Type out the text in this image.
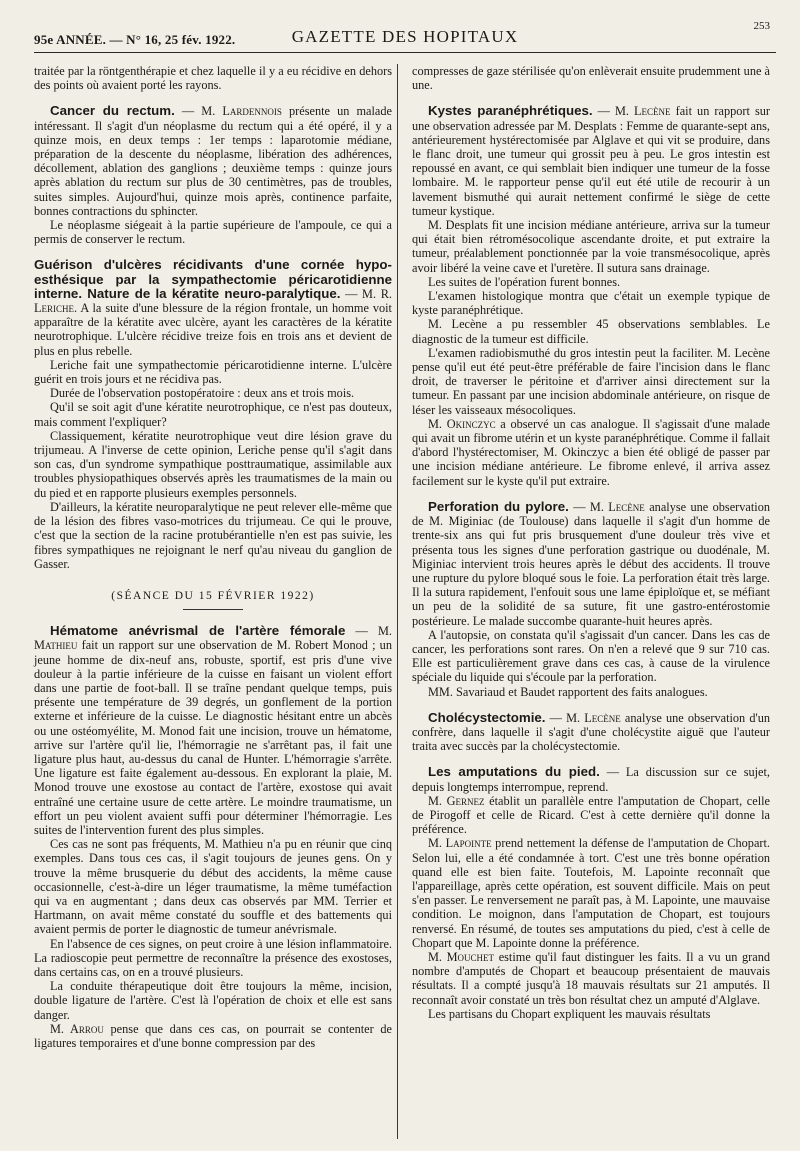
95e ANNÉE. — N° 16, 25 fév. 1922.	GAZETTE DES HOPITAUX
253

traitée par la röntgenthérapie et chez laquelle il y a eu récidive en dehors des points où avaient porté les rayons.

Cancer du rectum. — M. Lardennois présente un malade intéressant. Il s'agit d'un néoplasme du rectum qui a été opéré, il y a quinze mois, en deux temps : 1er temps : laparotomie médiane, préparation de la descente du néoplasme, libération des adhérences, décollement, ablation des ganglions ; deuxième temps : quinze jours après ablation du rectum sur plus de 30 centimètres, pas de troubles, suites simples. Aujourd'hui, quinze mois après, continence parfaite, bonnes contractions du sphincter.

Le néoplasme siégeait à la partie supérieure de l'ampoule, ce qui a permis de conserver le rectum.

Guérison d'ulcères récidivants d'une cornée hypo-esthésique par la sympathectomie péricarotidienne interne. Nature de la kératite neuro-paralytique. — M. R. Leriche. A la suite d'une blessure de la région frontale, un homme voit apparaître de la kératite avec ulcère, ayant les caractères de la kératite neurotrophique. L'ulcère récidive treize fois en trois ans et devient de plus en plus rebelle.

Leriche fait une sympathectomie péricarotidienne interne. L'ulcère guérit en trois jours et ne récidiva pas.

Durée de l'observation postopératoire : deux ans et trois mois.

Qu'il se soit agit d'une kératite neurotrophique, ce n'est pas douteux, mais comment l'expliquer?

Classiquement, kératite neurotrophique veut dire lésion grave du trijumeau. A l'inverse de cette opinion, Leriche pense qu'il s'agit dans son cas, d'un syndrome sympathique posttraumatique, assimilable aux troubles physiopathiques observés après les traumatismes de la main ou du pied et en rapporte plusieurs exemples personnels.

D'ailleurs, la kératite neuroparalytique ne peut relever elle-même que de la lésion des fibres vaso-motrices du trijumeau. Ce qui le prouve, c'est que la section de la racine protubérantielle n'en est pas suivie, les fibres sympathiques ne rejoignant le nerf qu'au niveau du ganglion de Gasser.

(SÉANCE DU 15 FÉVRIER 1922)

Hématome anévrismal de l'artère fémorale — M. Mathieu fait un rapport sur une observation de M. Robert Monod ; un jeune homme de dix-neuf ans, robuste, sportif, est pris d'une vive douleur à la partie inférieure de la cuisse en faisant un violent effort dans une partie de foot-ball. Il se traîne pendant quelque temps, puis présente une température de 39 degrés, un gonflement de la portion externe et inférieure de la cuisse. Le diagnostic hésitant entre un abcès ou une ostéomyélite, M. Monod fait une incision, trouve un hématome, arrive sur l'artère qu'il lie, l'hémorragie ne s'arrêtant pas, il fait une ligature plus haut, au-dessus du canal de Hunter. L'hémorragie s'arrête. Une ligature est faite également au-dessous. En explorant la plaie, M. Monod trouve une exostose au contact de l'artère, exostose qui avait entraîné une certaine usure de cette artère. Le moindre traumatisme, un effort un peu violent avaient suffi pour déterminer l'hémorragie. Les suites de l'intervention furent des plus simples.

Ces cas ne sont pas fréquents, M. Mathieu n'a pu en réunir que cinq exemples. Dans tous ces cas, il s'agit toujours de jeunes gens. On y trouve la même brusquerie du début des accidents, la même cause occasionnelle, c'est-à-dire un léger traumatisme, la même tuméfaction qui va en augmentant ; dans deux cas observés par MM. Terrier et Hartmann, on avait même constaté du souffle et des battements qui avaient permis de porter le diagnostic de tumeur anévrismale.

En l'absence de ces signes, on peut croire à une lésion inflammatoire. La radioscopie peut permettre de reconnaître la présence des exostoses, dans certains cas, on en a trouvé plusieurs.

La conduite thérapeutique doit être toujours la même, incision, double ligature de l'artère. C'est là l'opération de choix et elle est sans danger.

M. Arrou pense que dans ces cas, on pourrait se contenter de ligatures temporaires et d'une bonne compression par des

compresses de gaze stérilisée qu'on enlèverait ensuite prudemment une à une.

Kystes paranéphrétiques. — M. Lecène fait un rapport sur une observation adressée par M. Desplats : Femme de quarante-sept ans, antérieurement hystérectomisée par Alglave et qui vit se produire, dans le flanc droit, une tumeur qui grossit peu à peu. Le gros intestin est repoussé en avant, ce qui semblait bien indiquer une tumeur de la fosse lombaire. M. le rapporteur pense qu'il eut été utile de recourir à un lavement bismuthé qui aurait nettement confirmé le siège de cette tumeur kystique.

M. Desplats fit une incision médiane antérieure, arriva sur la tumeur qui était bien rétromésocolique ascendante droite, et put extraire la tumeur, préalablement ponctionnée par la voie transmésocolique, après avoir libéré la veine cave et l'uretère. Il sutura sans drainage.

Les suites de l'opération furent bonnes.

L'examen histologique montra que c'était un exemple typique de kyste paranéphrétique.

M. Lecène a pu ressembler 45 observations semblables. Le diagnostic de la tumeur est difficile.

L'examen radiobismuthé du gros intestin peut la faciliter. M. Lecène pense qu'il eut été peut-être préférable de faire l'incision dans le flanc droit, de traverser le péritoine et d'arriver ainsi directement sur la tumeur. En passant par une incision abdominale antérieure, on risque de léser les vaisseaux mésocoliques.

M. Okinczyc a observé un cas analogue. Il s'agissait d'une malade qui avait un fibrome utérin et un kyste paranéphrétique. Comme il fallait d'abord l'hystérectomiser, M. Okinczyc a bien été obligé de passer par une incision médiane antérieure. Le fibrome enlevé, il arriva assez facilement sur le kyste qu'il put extraire.

Perforation du pylore. — M. Lecène analyse une observation de M. Miginiac (de Toulouse) dans laquelle il s'agit d'un homme de trente-six ans qui fut pris brusquement d'une douleur très vive et présenta tous les signes d'une perforation gastrique ou duodénale, M. Miginiac intervient trois heures après le début des accidents. Il trouve une rupture du pylore bloqué sous le foie. La perforation était très large. Il la sutura rapidement, l'enfouit sous une lame épiploïque et, se méfiant un peu de la solidité de sa suture, fit une gastro-entérostomie postérieure. Le malade succombe quarante-huit heures après.

A l'autopsie, on constata qu'il s'agissait d'un cancer. Dans les cas de cancer, les perforations sont rares. On n'en a relevé que 9 sur 710 cas. Elle est particulièrement grave dans ces cas, à cause de la virulence spéciale du liquide qui s'écoule par la perforation.

MM. Savariaud et Baudet rapportent des faits analogues.

Cholécystectomie. — M. Lecène analyse une observation d'un confrère, dans laquelle il s'agit d'une cholécystite aiguë que l'auteur traita avec succès par la cholécystectomie.

Les amputations du pied. — La discussion sur ce sujet, depuis longtemps interrompue, reprend.

M. Gernez établit un parallèle entre l'amputation de Chopart, celle de Pirogoff et celle de Ricard. C'est à cette dernière qu'il donne la préférence.

M. Lapointe prend nettement la défense de l'amputation de Chopart. Selon lui, elle a été condamnée à tort. C'est une très bonne opération quand elle est bien faite. Toutefois, M. Lapointe reconnaît que l'appareillage, après cette opération, est souvent difficile. Mais on peut s'en passer. Le renversement ne paraît pas, à M. Lapointe, une mauvaise condition. Le moignon, dans l'amputation de Chopart, est toujours renversé. En résumé, de toutes ses amputations du pied, c'est à celle de Chopart que M. Lapointe donne la préférence.

M. Mouchet estime qu'il faut distinguer les faits. Il a vu un grand nombre d'amputés de Chopart et beaucoup présentaient de mauvais résultats. Il a compté jusqu'à 18 mauvais résultats sur 21 amputés. Il reconnaît avoir constaté un très bon résultat chez un amputé d'Alglave.

Les partisans du Chopart expliquent les mauvais résultats
